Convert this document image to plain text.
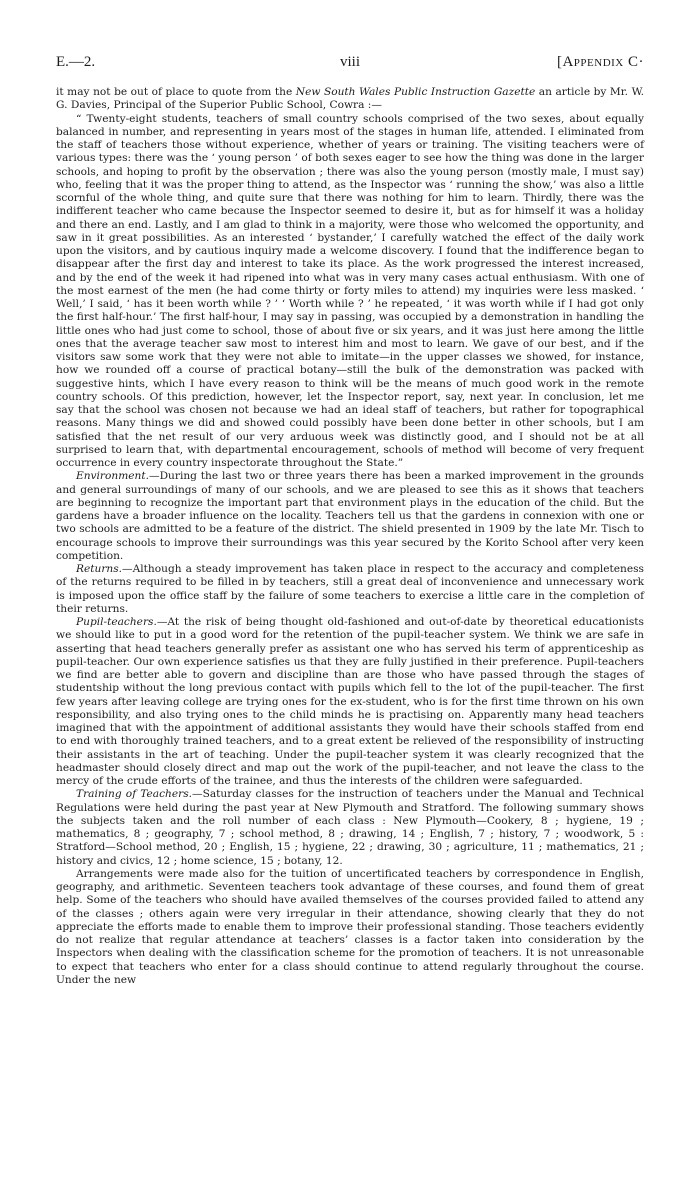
E.—2.	viii	[Appendix C·

it may not be out of place to quote from the New South Wales Public Instruction Gazette an article by Mr. W. G. Davies, Principal of the Superior Public School, Cowra :—

“ Twenty-eight students, teachers of small country schools comprised of the two sexes, about equally balanced in number, and representing in years most of the stages in human life, attended. I eliminated from the staff of teachers those without experience, whether of years or training. The visiting teachers were of various types: there was the ‘ young person ’ of both sexes eager to see how the thing was done in the larger schools, and hoping to profit by the observation ; there was also the young person (mostly male, I must say) who, feeling that it was the proper thing to attend, as the Inspector was ‘ running the show,’ was also a little scornful of the whole thing, and quite sure that there was nothing for him to learn. Thirdly, there was the indifferent teacher who came because the Inspector seemed to desire it, but as for himself it was a holiday and there an end. Lastly, and I am glad to think in a majority, were those who welcomed the opportunity, and saw in it great possibilities. As an interested ‘ bystander,’ I carefully watched the effect of the daily work upon the visitors, and by cautious inquiry made a welcome discovery. I found that the indifference began to disappear after the first day and interest to take its place. As the work progressed the interest increased, and by the end of the week it had ripened into what was in very many cases actual enthusiasm. With one of the most earnest of the men (he had come thirty or forty miles to attend) my inquiries were less masked. ‘ Well,’ I said, ‘ has it been worth while ? ’ ‘ Worth while ? ’ he repeated, ‘ it was worth while if I had got only the first half-hour.’ The first half-hour, I may say in passing, was occupied by a demonstration in handling the little ones who had just come to school, those of about five or six years, and it was just here among the little ones that the average teacher saw most to interest him and most to learn. We gave of our best, and if the visitors saw some work that they were not able to imitate—in the upper classes we showed, for instance, how we rounded off a course of practical botany—still the bulk of the demonstration was packed with suggestive hints, which I have every reason to think will be the means of much good work in the remote country schools. Of this prediction, however, let the Inspector report, say, next year. In conclusion, let me say that the school was chosen not because we had an ideal staff of teachers, but rather for topographical reasons. Many things we did and showed could possibly have been done better in other schools, but I am satisfied that the net result of our very arduous week was distinctly good, and I should not be at all surprised to learn that, with departmental encouragement, schools of method will become of very frequent occurrence in every country inspectorate throughout the State.”

Environment.—During the last two or three years there has been a marked improvement in the grounds and general surroundings of many of our schools, and we are pleased to see this as it shows that teachers are beginning to recognize the important part that environment plays in the education of the child. But the gardens have a broader influence on the locality. Teachers tell us that the gardens in connexion with one or two schools are admitted to be a feature of the district. The shield presented in 1909 by the late Mr. Tisch to encourage schools to improve their surroundings was this year secured by the Korito School after very keen competition.

Returns.—Although a steady improvement has taken place in respect to the accuracy and completeness of the returns required to be filled in by teachers, still a great deal of inconvenience and unnecessary work is imposed upon the office staff by the failure of some teachers to exercise a little care in the completion of their returns.

Pupil-teachers.—At the risk of being thought old-fashioned and out-of-date by theoretical educationists we should like to put in a good word for the retention of the pupil-teacher system. We think we are safe in asserting that head teachers generally prefer as assistant one who has served his term of apprenticeship as pupil-teacher. Our own experience satisfies us that they are fully justified in their preference. Pupil-teachers we find are better able to govern and discipline than are those who have passed through the stages of studentship without the long previous contact with pupils which fell to the lot of the pupil-teacher. The first few years after leaving college are trying ones for the ex-student, who is for the first time thrown on his own responsibility, and also trying ones to the child minds he is practising on. Apparently many head teachers imagined that with the appointment of additional assistants they would have their schools staffed from end to end with thoroughly trained teachers, and to a great extent be relieved of the responsibility of instructing their assistants in the art of teaching. Under the pupil-teacher system it was clearly recognized that the headmaster should closely direct and map out the work of the pupil-teacher, and not leave the class to the mercy of the crude efforts of the trainee, and thus the interests of the children were safeguarded.

Training of Teachers.—Saturday classes for the instruction of teachers under the Manual and Technical Regulations were held during the past year at New Plymouth and Stratford. The following summary shows the subjects taken and the roll number of each class : New Plymouth—Cookery, 8 ; hygiene, 19 ; mathematics, 8 ; geography, 7 ; school method, 8 ; drawing, 14 ; English, 7 ; history, 7 ; woodwork, 5 : Stratford—School method, 20 ; English, 15 ; hygiene, 22 ; drawing, 30 ; agriculture, 11 ; mathematics, 21 ; history and civics, 12 ; home science, 15 ; botany, 12.

Arrangements were made also for the tuition of uncertificated teachers by correspondence in English, geography, and arithmetic. Seventeen teachers took advantage of these courses, and found them of great help. Some of the teachers who should have availed themselves of the courses provided failed to attend any of the classes ; others again were very irregular in their attendance, showing clearly that they do not appreciate the efforts made to enable them to improve their professional standing. Those teachers evidently do not realize that regular attendance at teachers’ classes is a factor taken into consideration by the Inspectors when dealing with the classification scheme for the promotion of teachers. It is not unreasonable to expect that teachers who enter for a class should continue to attend regularly throughout the course. Under the new
